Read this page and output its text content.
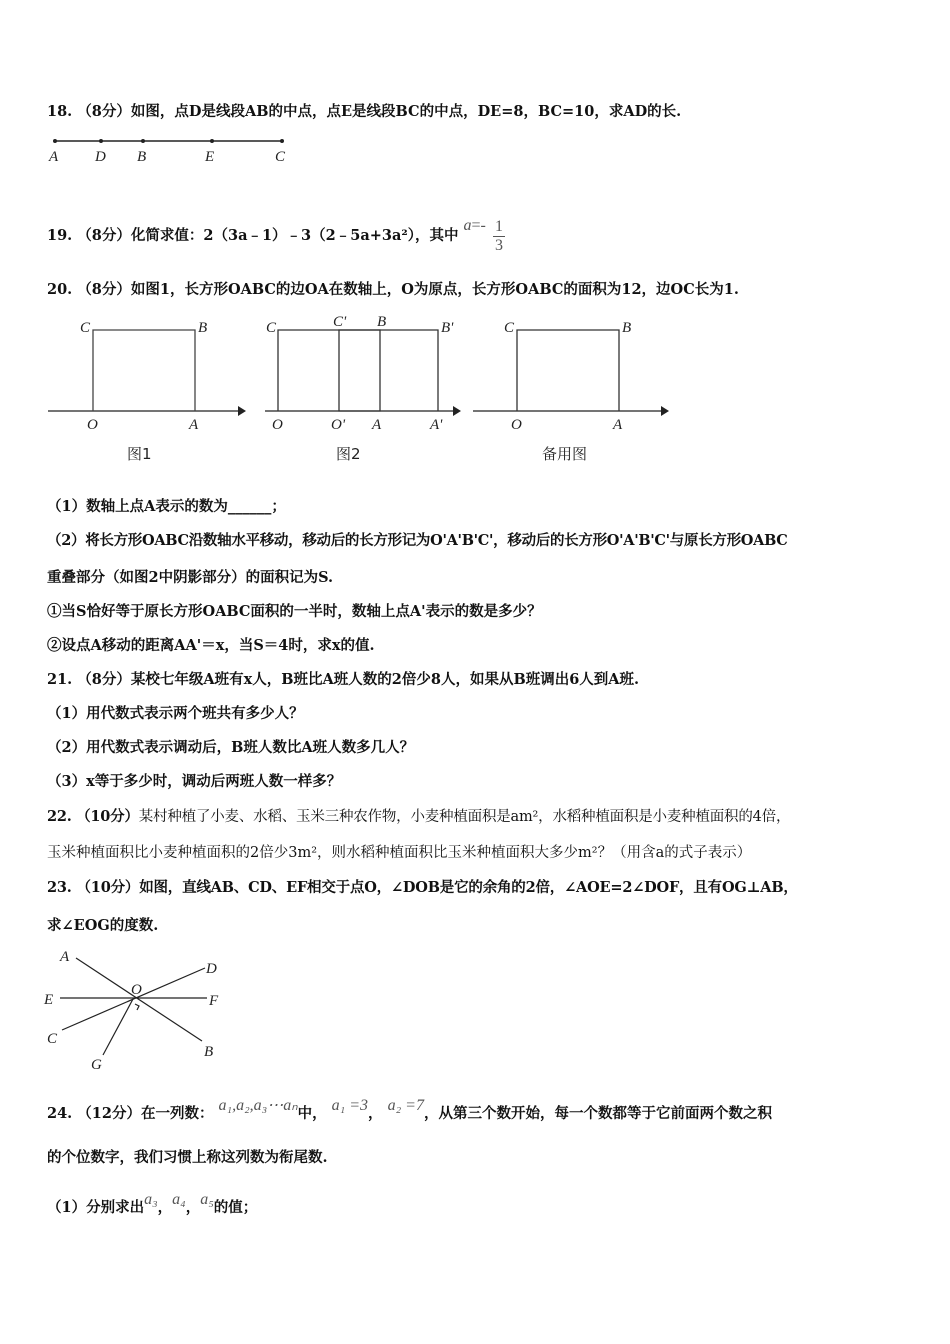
18. （8分）如图，点D是线段AB的中点，点E是线段BC的中点，DE=8，BC=10，求AD的长.
A D B	E	C
C	B
O	A
图1
C	C' B	B'
O	O' A	A'
图2
C	B
O	A
备用图
A
D
E	F
C
G
B
O
19. （8分）化简求值：2（3a﹣1）﹣3（2﹣5a+3a²），其中 $a=- \frac{1}{3}$
20. （8分）如图1，长方形OABC的边OA在数轴上，O为原点，长方形OABC的面积为12，边OC长为1.
（1）数轴上点A表示的数为______；
（2）将长方形OABC沿数轴水平移动，移动后的长方形记为O'A'B'C'，移动后的长方形O'A'B'C'与原长方形OABC
重叠部分（如图2中阴影部分）的面积记为S.
①当S恰好等于原长方形OABC面积的一半时，数轴上点A'表示的数是多少？
②设点A移动的距离AA'＝x，当S＝4时，求x的值.
21. （8分）某校七年级A班有x人，B班比A班人数的2倍少8人，如果从B班调出6人到A班.
（1）用代数式表示两个班共有多少人？
（2）用代数式表示调动后，B班人数比A班人数多几人？
（3）x等于多少时，调动后两班人数一样多？
22. （10分）某村种植了小麦、水稻、玉米三种农作物，小麦种植面积是am²，水稻种植面积是小麦种植面积的4倍，
玉米种植面积比小麦种植面积的2倍少3m²，则水稻种植面积比玉米种植面积大多少m²？（用含a的式子表示）
23. （10分）如图，直线AB、CD、EF相交于点O，∠DOB是它的余角的2倍，∠AOE=2∠DOF，且有OG⊥AB，
求∠EOG的度数.
24. （12分）在一列数： a₁,a₂,a₃⋯aₙ中， a₁ =3， a₂ =7，从第三个数开始，每一个数都等于它前面两个数之积
的个位数字，我们习惯上称这列数为衔尾数.
（1）分别求出a₃，a₄，a₅的值；
